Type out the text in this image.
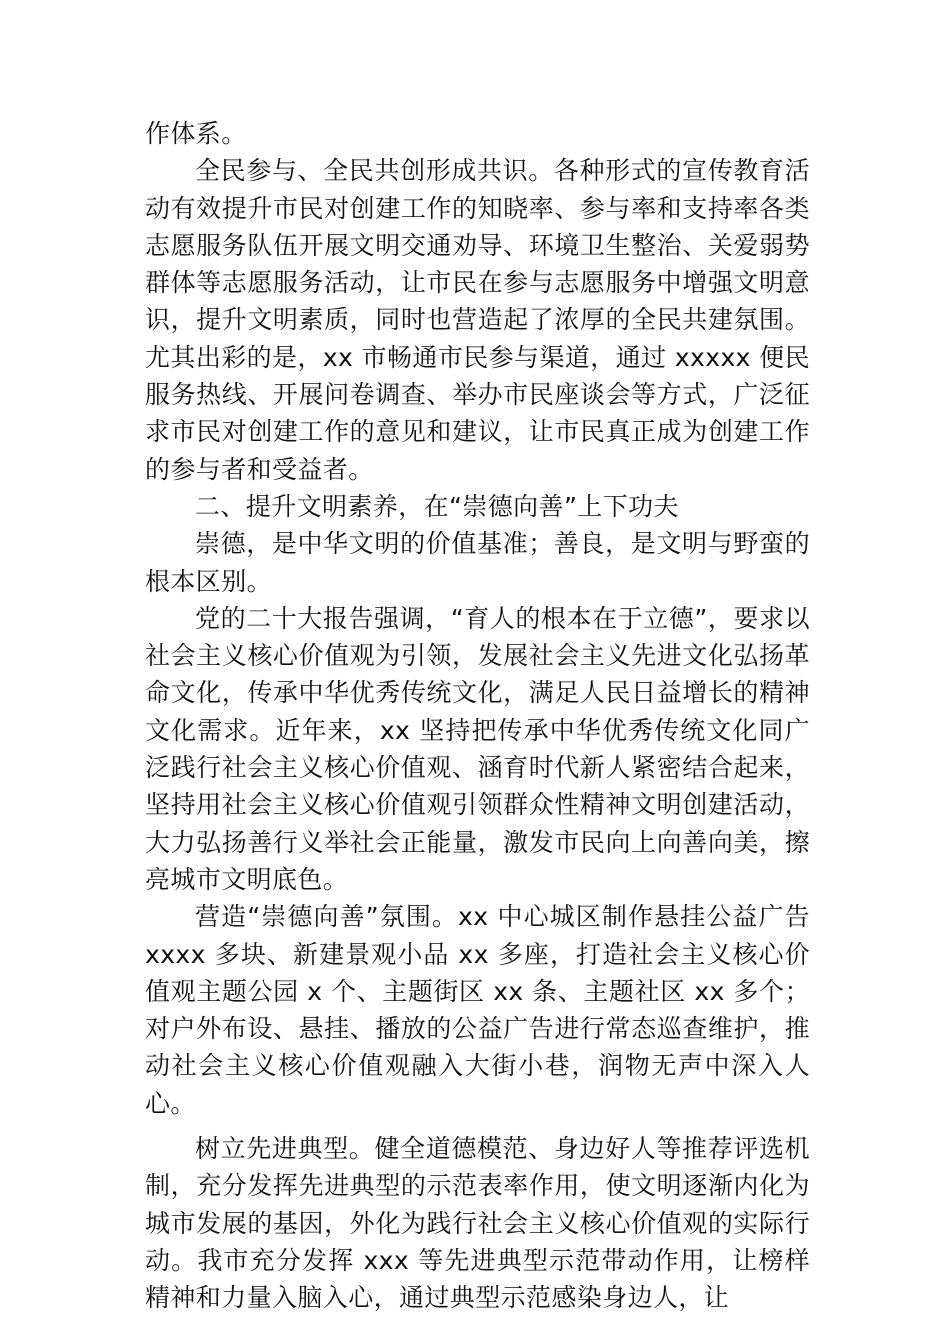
作体系。

全民参与、全民共创形成共识。各种形式的宣传教育活动有效提升市民对创建工作的知晓率、参与率和支持率各类志愿服务队伍开展文明交通劝导、环境卫生整治、关爱弱势群体等志愿服务活动，让市民在参与志愿服务中增强文明意识，提升文明素质，同时也营造起了浓厚的全民共建氛围。尤其出彩的是，xx 市畅通市民参与渠道，通过 xxxxx 便民服务热线、开展问卷调查、举办市民座谈会等方式，广泛征求市民对创建工作的意见和建议，让市民真正成为创建工作的参与者和受益者。

二、提升文明素养，在“崇德向善”上下功夫

崇德，是中华文明的价值基准；善良，是文明与野蛮的根本区别。

党的二十大报告强调，“育人的根本在于立德”，要求以社会主义核心价值观为引领，发展社会主义先进文化弘扬革命文化，传承中华优秀传统文化，满足人民日益增长的精神文化需求。近年来，xx 坚持把传承中华优秀传统文化同广泛践行社会主义核心价值观、涵育时代新人紧密结合起来，坚持用社会主义核心价值观引领群众性精神文明创建活动，大力弘扬善行义举社会正能量，激发市民向上向善向美，擦亮城市文明底色。

营造“崇德向善”氛围。xx 中心城区制作悬挂公益广告 xxxx 多块、新建景观小品 xx 多座，打造社会主义核心价值观主题公园 x 个、主题街区 xx 条、主题社区 xx 多个；对户外布设、悬挂、播放的公益广告进行常态巡查维护，推动社会主义核心价值观融入大街小巷，润物无声中深入人心。

树立先进典型。健全道德模范、身边好人等推荐评选机制，充分发挥先进典型的示范表率作用，使文明逐渐内化为城市发展的基因，外化为践行社会主义核心价值观的实际行动。我市充分发挥 xxx 等先进典型示范带动作用，让榜样精神和力量入脑入心，通过典型示范感染身边人，让
